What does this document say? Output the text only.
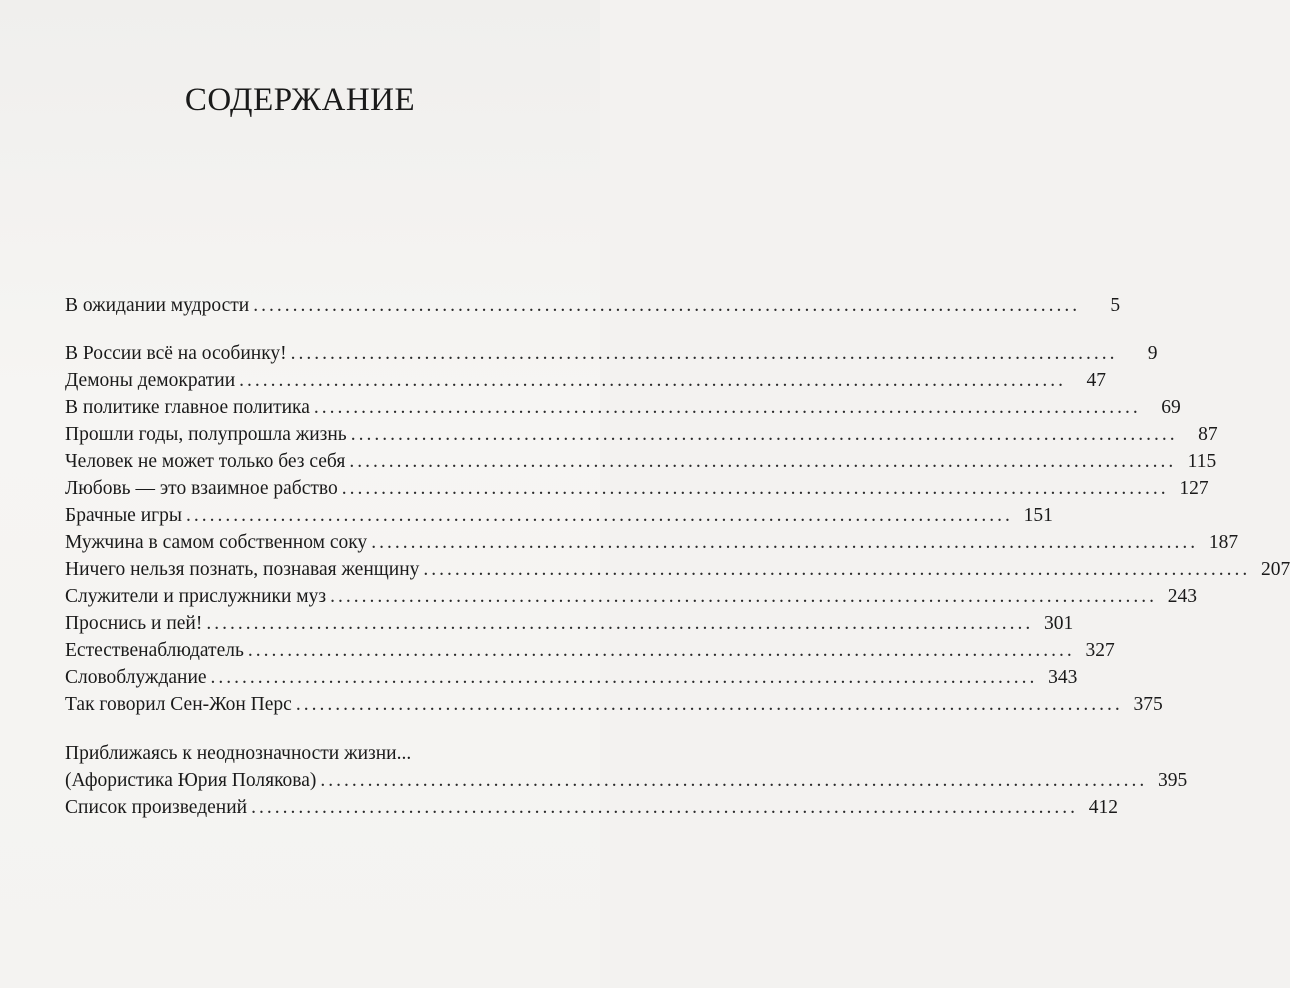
СОДЕРЖАНИЕ
В ожидании мудрости .........................................................................................................	5
В России всё на особинку! .........................................................................................................	9
Демоны демократии .........................................................................................................	47
В политике главное политика .........................................................................................................	69
Прошли годы, полупрошла жизнь .........................................................................................................	87
Человек не может только без себя ......................................................................................................... 115
Любовь — это взаимное рабство ......................................................................................................... 127
Брачные игры ......................................................................................................... 151
Мужчина в самом собственном соку ......................................................................................................... 187
Ничего нельзя познать, познавая женщину ......................................................................................................... 207
Служители и прислужники муз ......................................................................................................... 243
Проснись и пей! ......................................................................................................... 301
Естественаблюдатель ......................................................................................................... 327
Словоблуждание ......................................................................................................... 343
Так говорил Сен-Жон Перс ......................................................................................................... 375
Приближаясь к неоднозначности жизни...
(Афористика Юрия Полякова) ......................................................................................................... 395
Список произведений ......................................................................................................... 412
